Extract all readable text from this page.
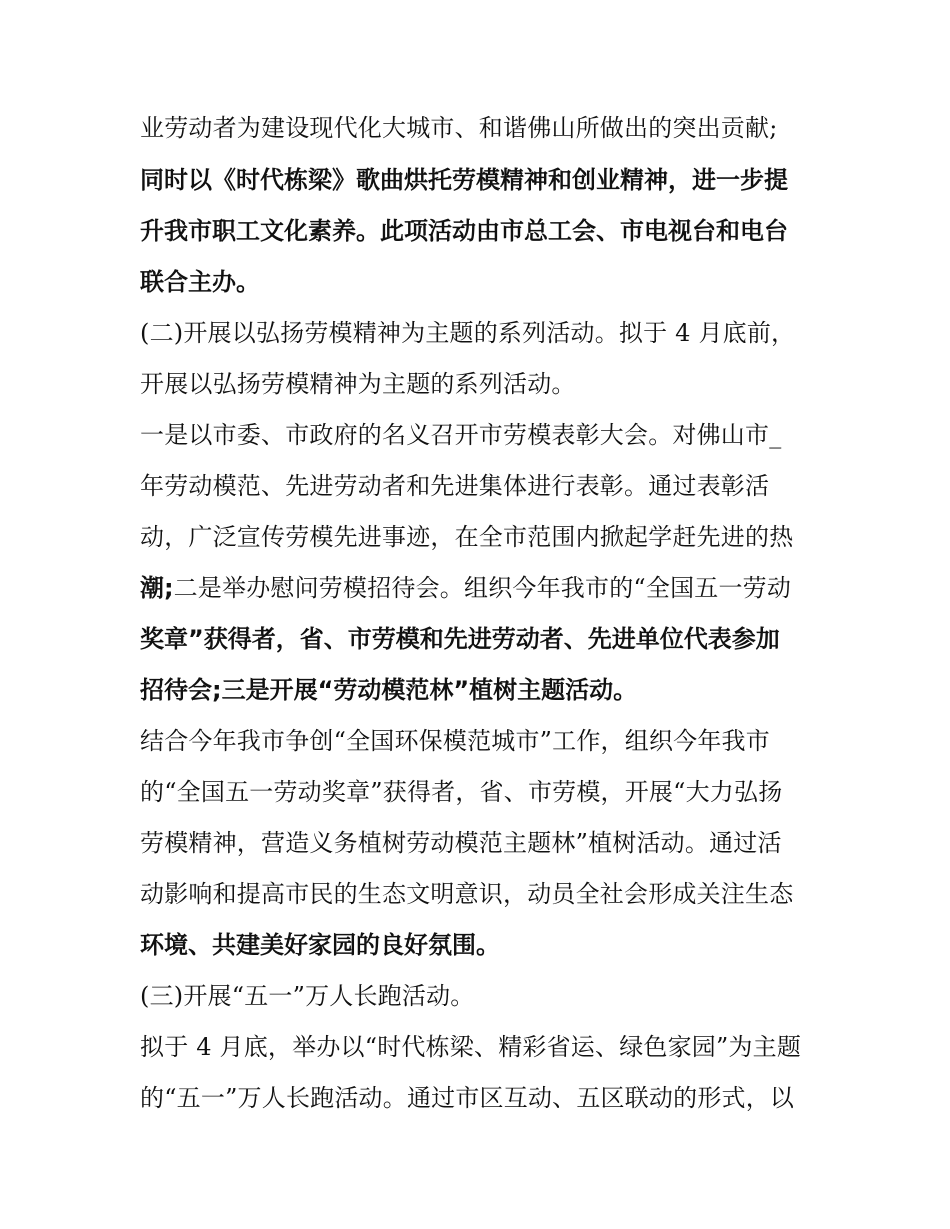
业劳动者为建设现代化大城市、和谐佛山所做出的突出贡献;
同时以《时代栋梁》歌曲烘托劳模精神和创业精神，进一步提
升我市职工文化素养。此项活动由市总工会、市电视台和电台
联合主办。
(二)开展以弘扬劳模精神为主题的系列活动。拟于 4 月底前，
开展以弘扬劳模精神为主题的系列活动。
一是以市委、市政府的名义召开市劳模表彰大会。对佛山市_
年劳动模范、先进劳动者和先进集体进行表彰。通过表彰活
动，广泛宣传劳模先进事迹，在全市范围内掀起学赶先进的热
潮;二是举办慰问劳模招待会。组织今年我市的“全国五一劳动
奖章”获得者，省、市劳模和先进劳动者、先进单位代表参加
招待会;三是开展“劳动模范林”植树主题活动。
结合今年我市争创“全国环保模范城市”工作，组织今年我市
的“全国五一劳动奖章”获得者，省、市劳模，开展“大力弘扬
劳模精神，营造义务植树劳动模范主题林”植树活动。通过活
动影响和提高市民的生态文明意识，动员全社会形成关注生态
环境、共建美好家园的良好氛围。
(三)开展“五一”万人长跑活动。
拟于 4 月底，举办以“时代栋梁、精彩省运、绿色家园”为主题
的“五一”万人长跑活动。通过市区互动、五区联动的形式，以
